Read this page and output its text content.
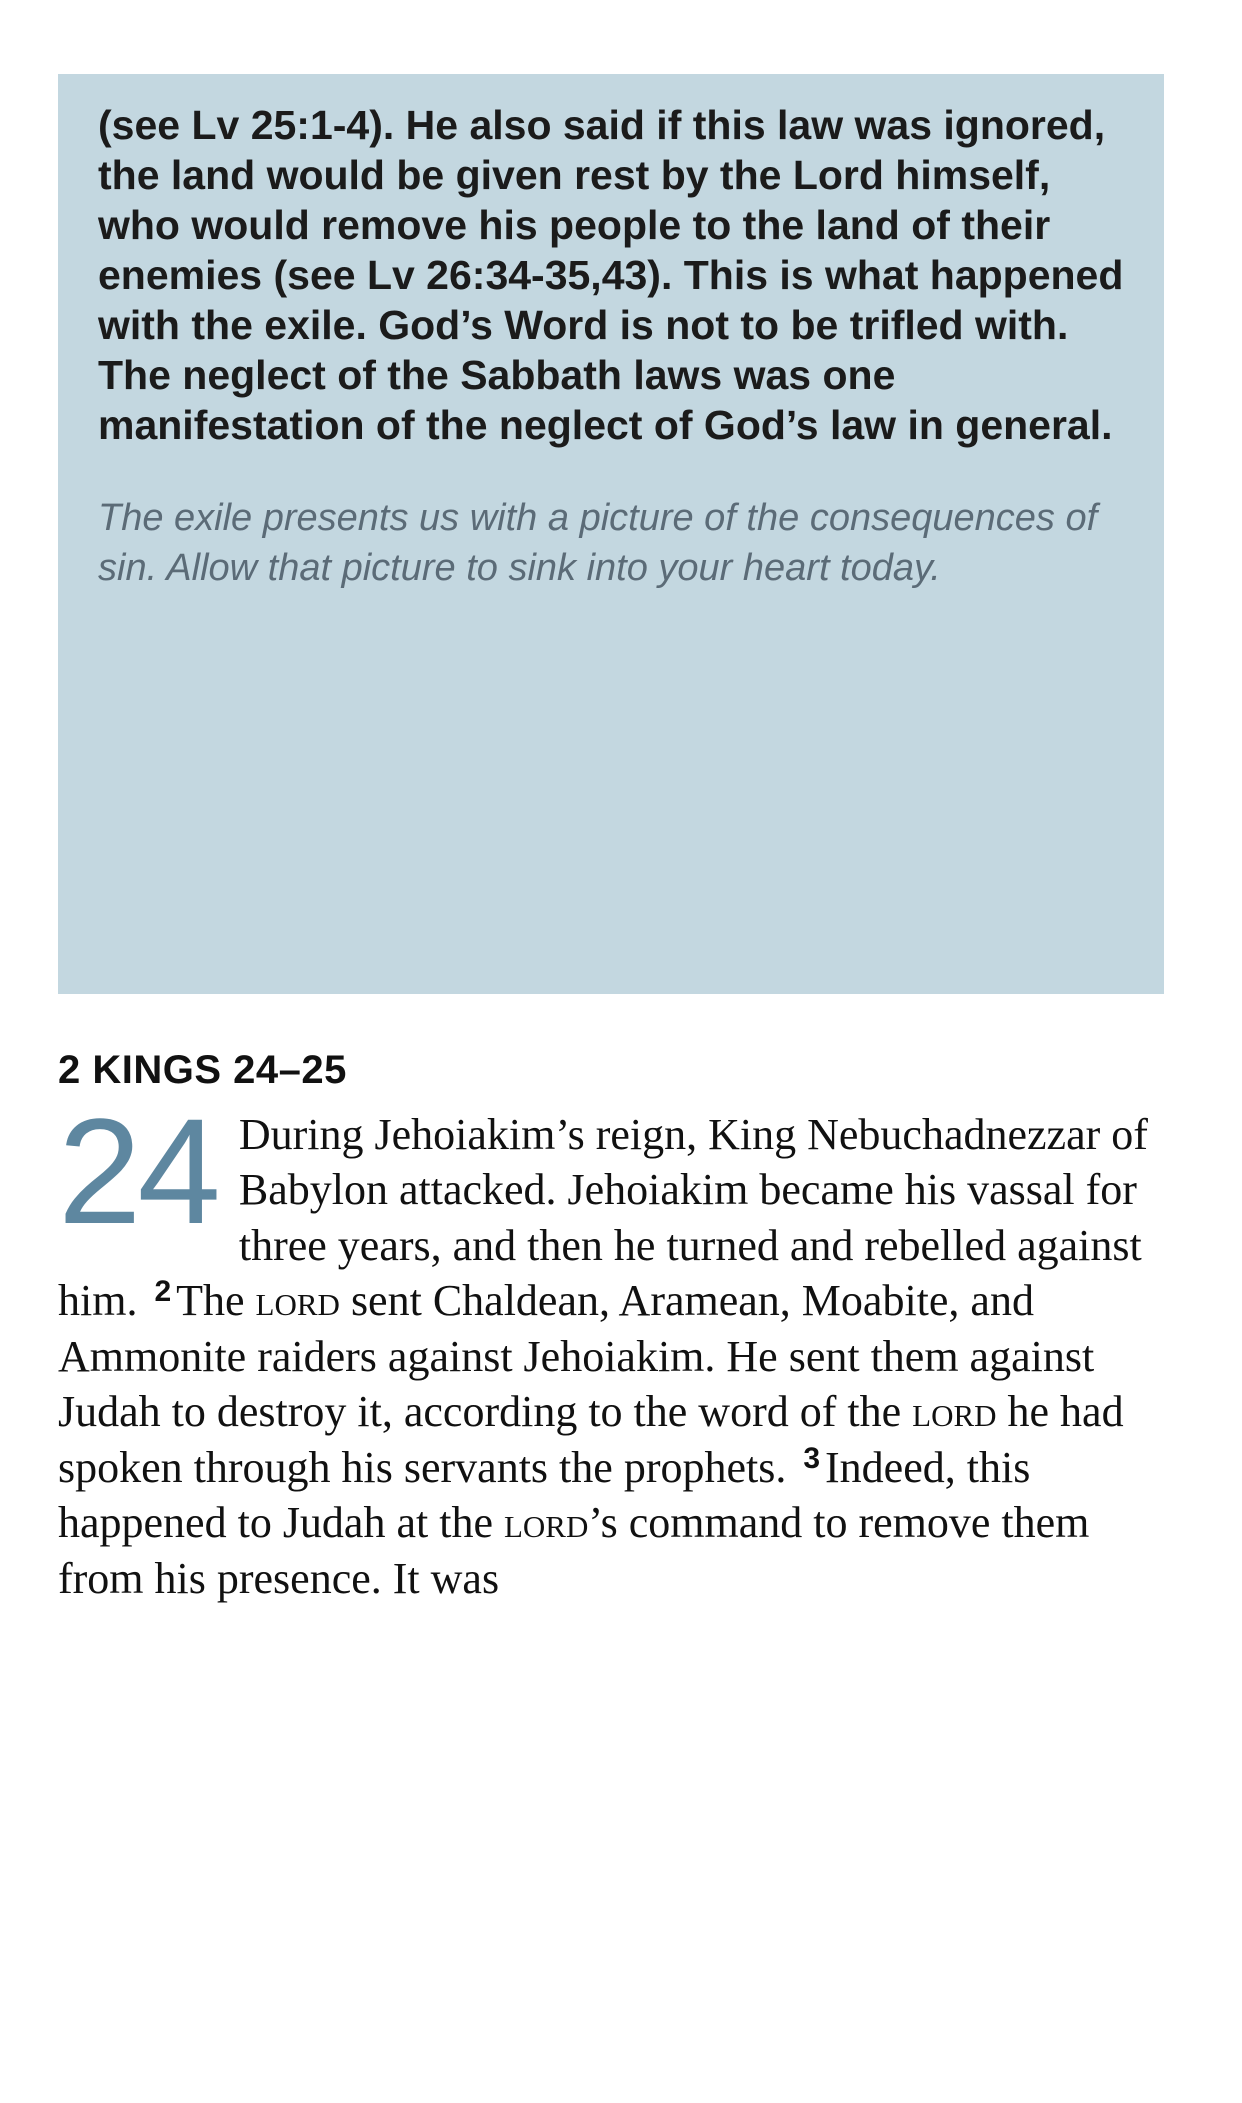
(see Lv 25:1-4). He also said if this law was ignored, the land would be given rest by the Lord himself, who would remove his people to the land of their enemies (see Lv 26:34-35,43). This is what happened with the exile. God’s Word is not to be trifled with. The neglect of the Sabbath laws was one manifestation of the neglect of God’s law in general.

The exile presents us with a picture of the consequences of sin. Allow that picture to sink into your heart today.

2 KINGS 24–25

24 During Jehoiakim’s reign, King Nebuchadnezzar of Babylon attacked. Jehoiakim became his vassal for three years, and then he turned and rebelled against him. $^2$ The lord sent Chaldean, Aramean, Moabite, and Ammonite raiders against Jehoiakim. He sent them against Judah to destroy it, according to the word of the lord he had spoken through his servants the prophets. $^3$ Indeed, this happened to Judah at the lord’s command to remove them from his presence. It was
